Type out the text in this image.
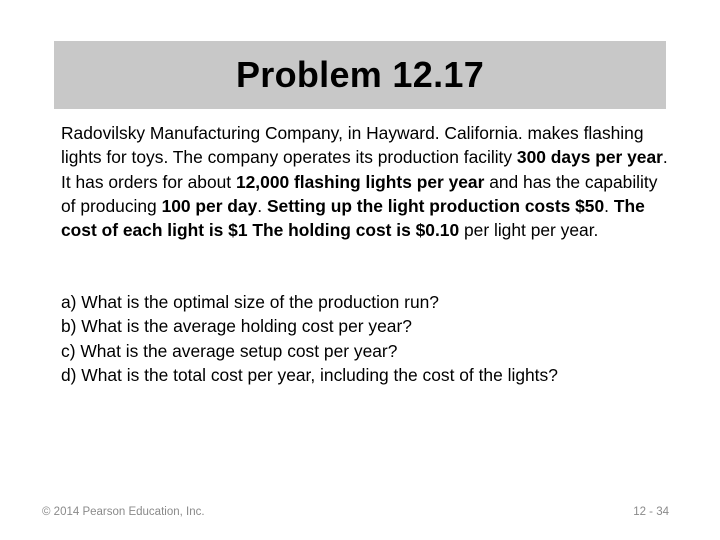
Problem 12.17

Radovilsky Manufacturing Company, in Hayward. California. makes flashing lights for toys. The company operates its production facility 300 days per year. It has orders for about 12,000 flashing lights per year and has the capability of producing 100 per day. Setting up the light production costs $50. The cost of each light is $1 The holding cost is $0.10 per light per year.

a) What is the optimal size of the production run?
b) What is the average holding cost per year?
c) What is the average setup cost per year?
d) What is the total cost per year, including the cost of the lights?
© 2014 Pearson Education, Inc.	12 - 34
